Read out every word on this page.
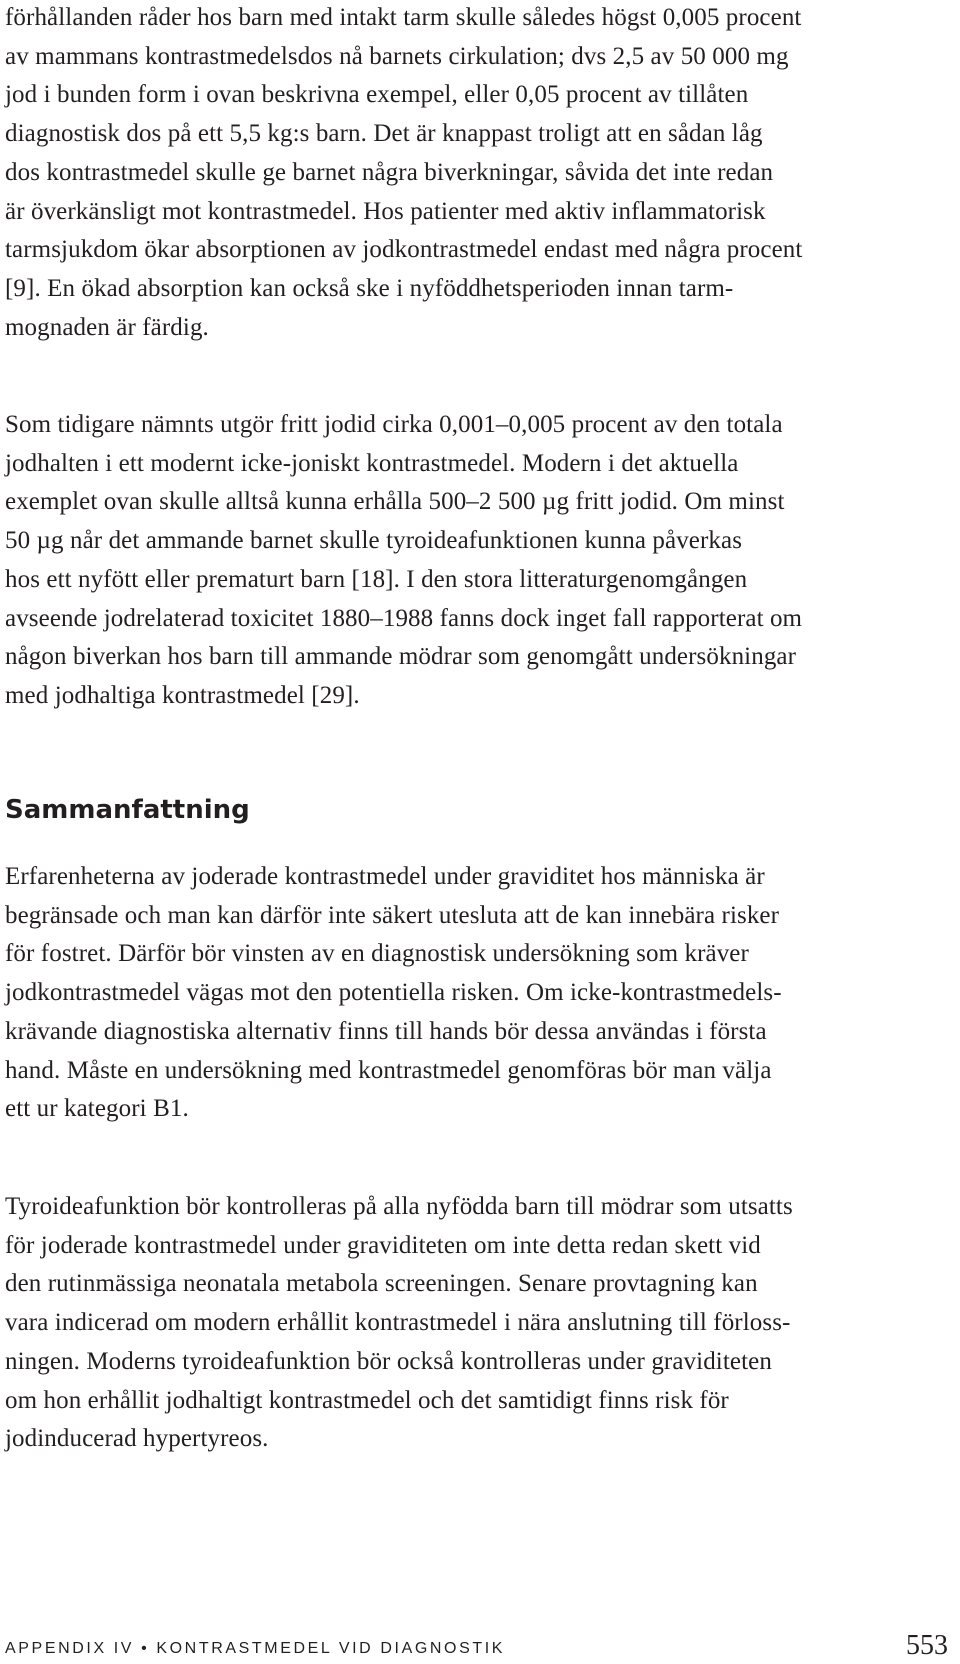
förhållanden råder hos barn med intakt tarm skulle således högst 0,005 procent
av mammans kontrastmedelsdos nå barnets cirkulation; dvs 2,5 av 50 000 mg
jod i bunden form i ovan beskrivna exempel, eller 0,05 procent av tillåten
diagnostisk dos på ett 5,5 kg:s barn. Det är knappast troligt att en sådan låg
dos kontrastmedel skulle ge barnet några biverkningar, såvida det inte redan
är överkänsligt mot kontrastmedel. Hos patienter med aktiv inflammatorisk
tarmsjukdom ökar absorptionen av jodkontrastmedel endast med några procent
[9]. En ökad absorption kan också ske i nyföddhetsperioden innan tarm-
mognaden är färdig.
Som tidigare nämnts utgör fritt jodid cirka 0,001–0,005 procent av den totala
jodhalten i ett modernt icke-joniskt kontrastmedel. Modern i det aktuella
exemplet ovan skulle alltså kunna erhålla 500–2 500 µg fritt jodid. Om minst
50 µg når det ammande barnet skulle tyroideafunktionen kunna påverkas
hos ett nyfött eller prematurt barn [18]. I den stora litteraturgenomgången
avseende jodrelaterad toxicitet 1880–1988 fanns dock inget fall rapporterat om
någon biverkan hos barn till ammande mödrar som genomgått undersökningar
med jodhaltiga kontrastmedel [29].
Sammanfattning
Erfarenheterna av joderade kontrastmedel under graviditet hos människa är
begränsade och man kan därför inte säkert utesluta att de kan innebära risker
för fostret. Därför bör vinsten av en diagnostisk undersökning som kräver
jodkontrastmedel vägas mot den potentiella risken. Om icke-kontrastmedels-
krävande diagnostiska alternativ finns till hands bör dessa användas i första
hand. Måste en undersökning med kontrastmedel genomföras bör man välja
ett ur kategori B1.
Tyroideafunktion bör kontrolleras på alla nyfödda barn till mödrar som utsatts
för joderade kontrastmedel under graviditeten om inte detta redan skett vid
den rutinmässiga neonatala metabola screeningen. Senare provtagning kan
vara indicerad om modern erhållit kontrastmedel i nära anslutning till förloss-
ningen. Moderns tyroideafunktion bör också kontrolleras under graviditeten
om hon erhållit jodhaltigt kontrastmedel och det samtidigt finns risk för
jodinducerad hypertyreos.
APPENDIX IV • KONTRASTMEDEL VID DIAGNOSTIK	553
